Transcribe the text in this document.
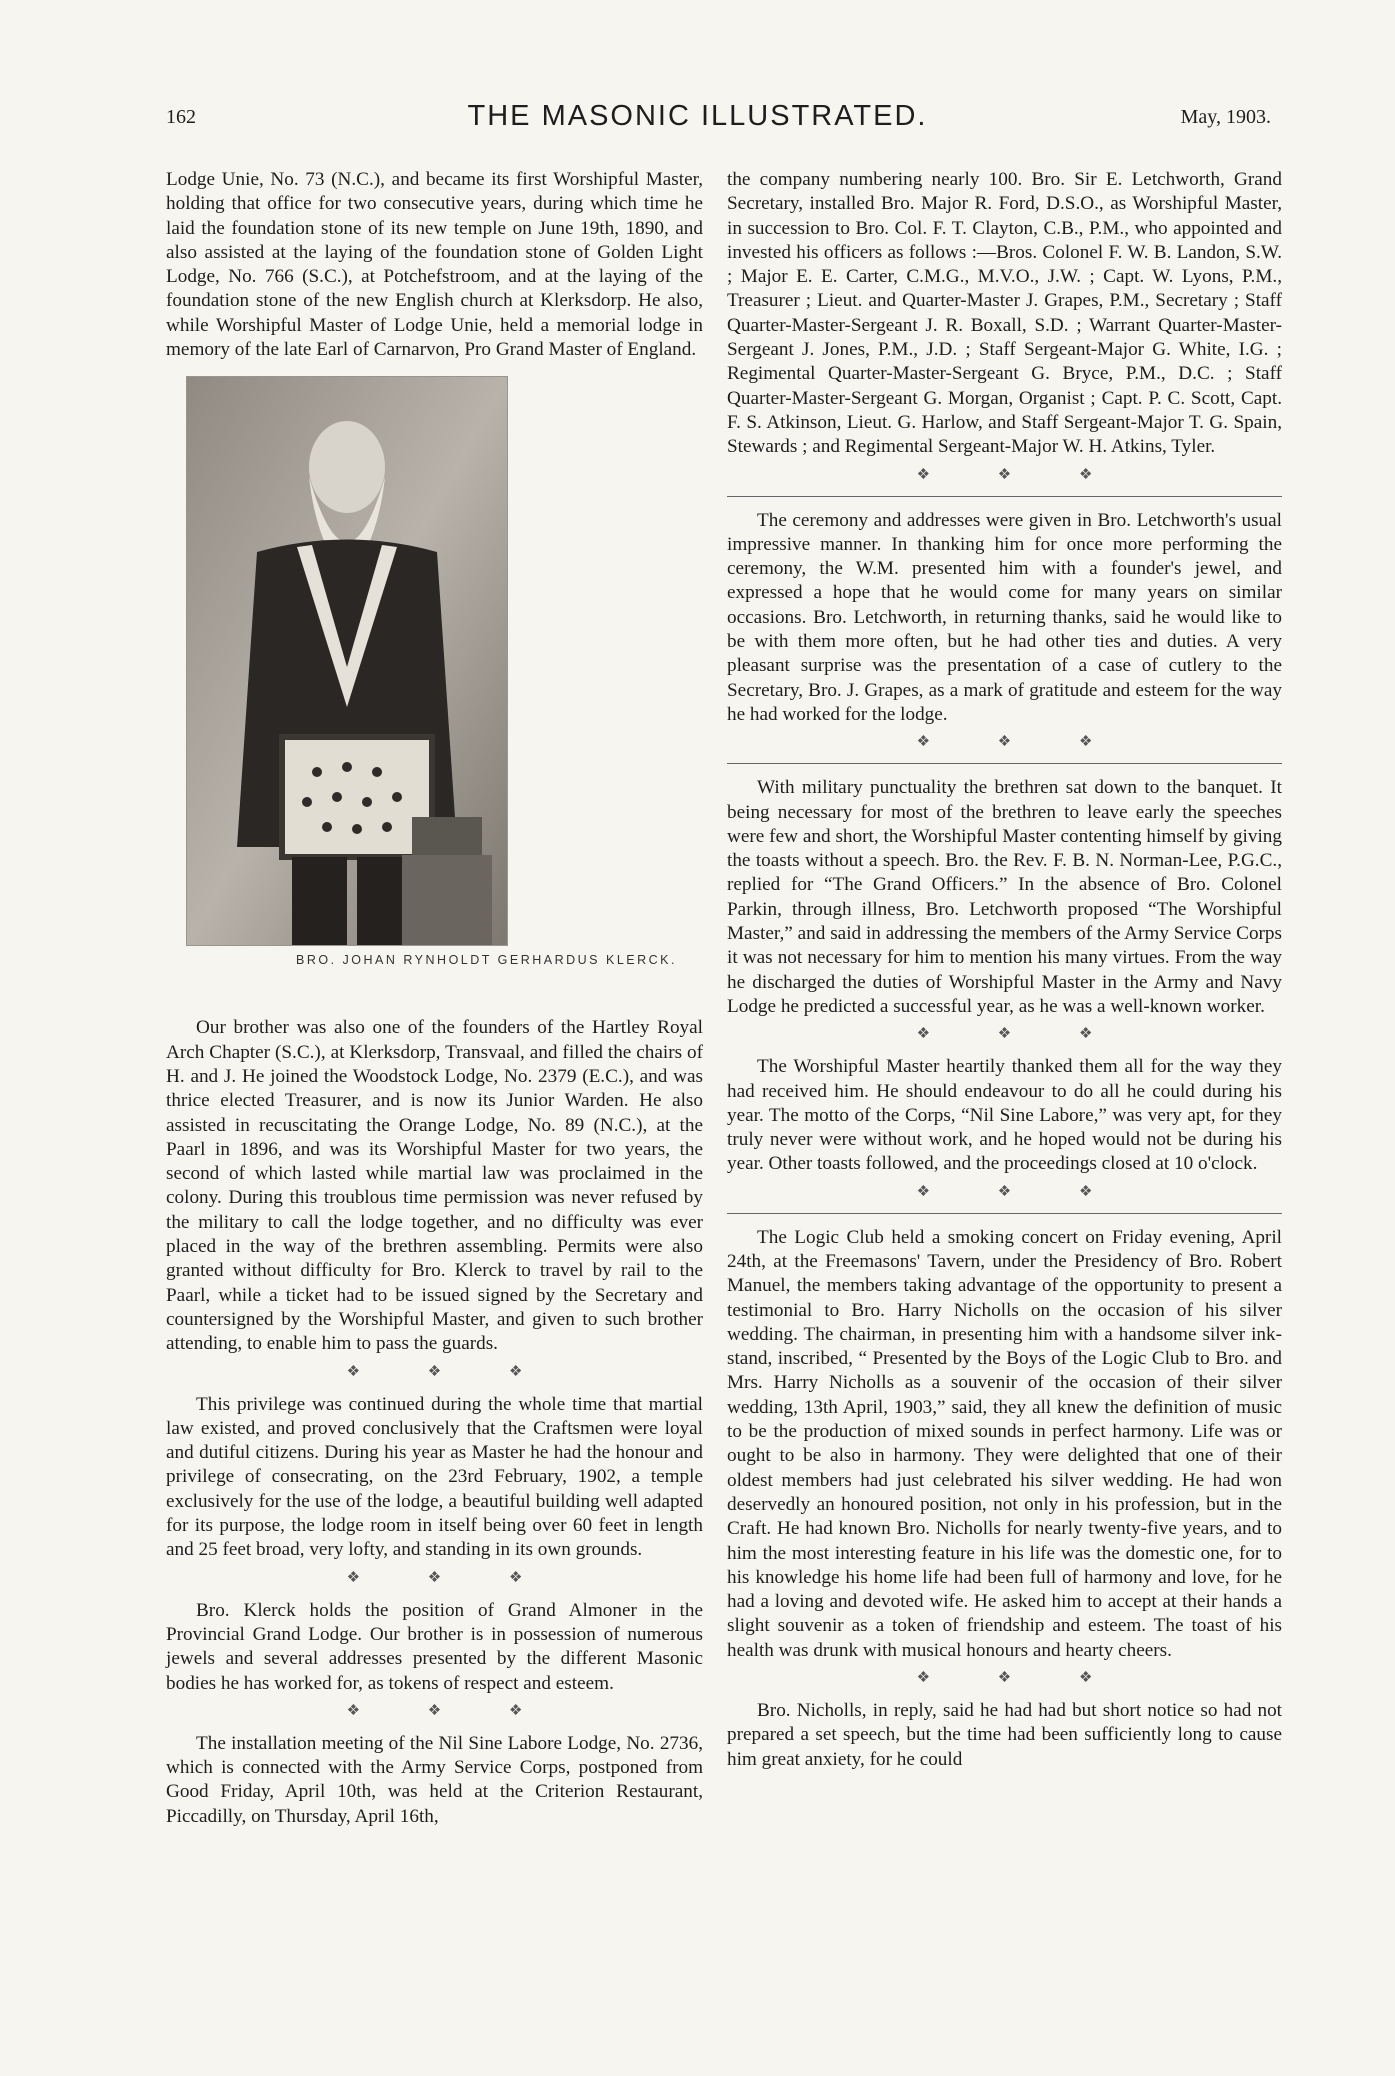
162	THE MASONIC ILLUSTRATED.	May, 1903.

Lodge Unie, No. 73 (N.C.), and became its first Worshipful Master, holding that office for two consecutive years, during which time he laid the foundation stone of its new temple on June 19th, 1890, and also assisted at the laying of the foundation stone of Golden Light Lodge, No. 766 (S.C.), at Potchefstroom, and at the laying of the foundation stone of the new English church at Klerksdorp. He also, while Worshipful Master of Lodge Unie, held a memorial lodge in memory of the late Earl of Carnarvon, Pro Grand Master of England.

BRO. JOHAN RYNHOLDT GERHARDUS KLERCK.

Our brother was also one of the founders of the Hartley Royal Arch Chapter (S.C.), at Klerksdorp, Transvaal, and filled the chairs of H. and J. He joined the Woodstock Lodge, No. 2379 (E.C.), and was thrice elected Treasurer, and is now its Junior Warden. He also assisted in recuscitating the Orange Lodge, No. 89 (N.C.), at the Paarl in 1896, and was its Worshipful Master for two years, the second of which lasted while martial law was proclaimed in the colony. During this troublous time permission was never refused by the military to call the lodge together, and no difficulty was ever placed in the way of the brethren assembling. Permits were also granted without difficulty for Bro. Klerck to travel by rail to the Paarl, while a ticket had to be issued signed by the Secretary and countersigned by the Worshipful Master, and given to such brother attending, to enable him to pass the guards.

❖ ❖ ❖

This privilege was continued during the whole time that martial law existed, and proved conclusively that the Craftsmen were loyal and dutiful citizens. During his year as Master he had the honour and privilege of consecrating, on the 23rd February, 1902, a temple exclusively for the use of the lodge, a beautiful building well adapted for its purpose, the lodge room in itself being over 60 feet in length and 25 feet broad, very lofty, and standing in its own grounds.

❖ ❖ ❖

Bro. Klerck holds the position of Grand Almoner in the Provincial Grand Lodge. Our brother is in possession of numerous jewels and several addresses presented by the different Masonic bodies he has worked for, as tokens of respect and esteem.

❖ ❖ ❖

The installation meeting of the Nil Sine Labore Lodge, No. 2736, which is connected with the Army Service Corps, postponed from Good Friday, April 10th, was held at the Criterion Restaurant, Piccadilly, on Thursday, April 16th,

the company numbering nearly 100. Bro. Sir E. Letchworth, Grand Secretary, installed Bro. Major R. Ford, D.S.O., as Worshipful Master, in succession to Bro. Col. F. T. Clayton, C.B., P.M., who appointed and invested his officers as follows :—Bros. Colonel F. W. B. Landon, S.W. ; Major E. E. Carter, C.M.G., M.V.O., J.W. ; Capt. W. Lyons, P.M., Treasurer ; Lieut. and Quarter-Master J. Grapes, P.M., Secretary ; Staff Quarter-Master-Sergeant J. R. Boxall, S.D. ; Warrant Quarter-Master-Sergeant J. Jones, P.M., J.D. ; Staff Sergeant-Major G. White, I.G. ; Regimental Quarter-Master-Sergeant G. Bryce, P.M., D.C. ; Staff Quarter-Master-Sergeant G. Morgan, Organist ; Capt. P. C. Scott, Capt. F. S. Atkinson, Lieut. G. Harlow, and Staff Sergeant-Major T. G. Spain, Stewards ; and Regimental Sergeant-Major W. H. Atkins, Tyler.

❖ ❖ ❖

The ceremony and addresses were given in Bro. Letchworth's usual impressive manner. In thanking him for once more performing the ceremony, the W.M. presented him with a founder's jewel, and expressed a hope that he would come for many years on similar occasions. Bro. Letchworth, in returning thanks, said he would like to be with them more often, but he had other ties and duties. A very pleasant surprise was the presentation of a case of cutlery to the Secretary, Bro. J. Grapes, as a mark of gratitude and esteem for the way he had worked for the lodge.

❖ ❖ ❖

With military punctuality the brethren sat down to the banquet. It being necessary for most of the brethren to leave early the speeches were few and short, the Worshipful Master contenting himself by giving the toasts without a speech. Bro. the Rev. F. B. N. Norman-Lee, P.G.C., replied for “The Grand Officers.” In the absence of Bro. Colonel Parkin, through illness, Bro. Letchworth proposed “The Worshipful Master,” and said in addressing the members of the Army Service Corps it was not necessary for him to mention his many virtues. From the way he discharged the duties of Worshipful Master in the Army and Navy Lodge he predicted a successful year, as he was a well-known worker.

❖ ❖ ❖

The Worshipful Master heartily thanked them all for the way they had received him. He should endeavour to do all he could during his year. The motto of the Corps, “Nil Sine Labore,” was very apt, for they truly never were without work, and he hoped would not be during his year. Other toasts followed, and the proceedings closed at 10 o'clock.

❖ ❖ ❖

The Logic Club held a smoking concert on Friday evening, April 24th, at the Freemasons' Tavern, under the Presidency of Bro. Robert Manuel, the members taking advantage of the opportunity to present a testimonial to Bro. Harry Nicholls on the occasion of his silver wedding. The chairman, in presenting him with a handsome silver ink-stand, inscribed, “ Presented by the Boys of the Logic Club to Bro. and Mrs. Harry Nicholls as a souvenir of the occasion of their silver wedding, 13th April, 1903,” said, they all knew the definition of music to be the production of mixed sounds in perfect harmony. Life was or ought to be also in harmony. They were delighted that one of their oldest members had just celebrated his silver wedding. He had won deservedly an honoured position, not only in his profession, but in the Craft. He had known Bro. Nicholls for nearly twenty-five years, and to him the most interesting feature in his life was the domestic one, for to his knowledge his home life had been full of harmony and love, for he had a loving and devoted wife. He asked him to accept at their hands a slight souvenir as a token of friendship and esteem. The toast of his health was drunk with musical honours and hearty cheers.

❖ ❖ ❖

Bro. Nicholls, in reply, said he had had but short notice so had not prepared a set speech, but the time had been sufficiently long to cause him great anxiety, for he could
